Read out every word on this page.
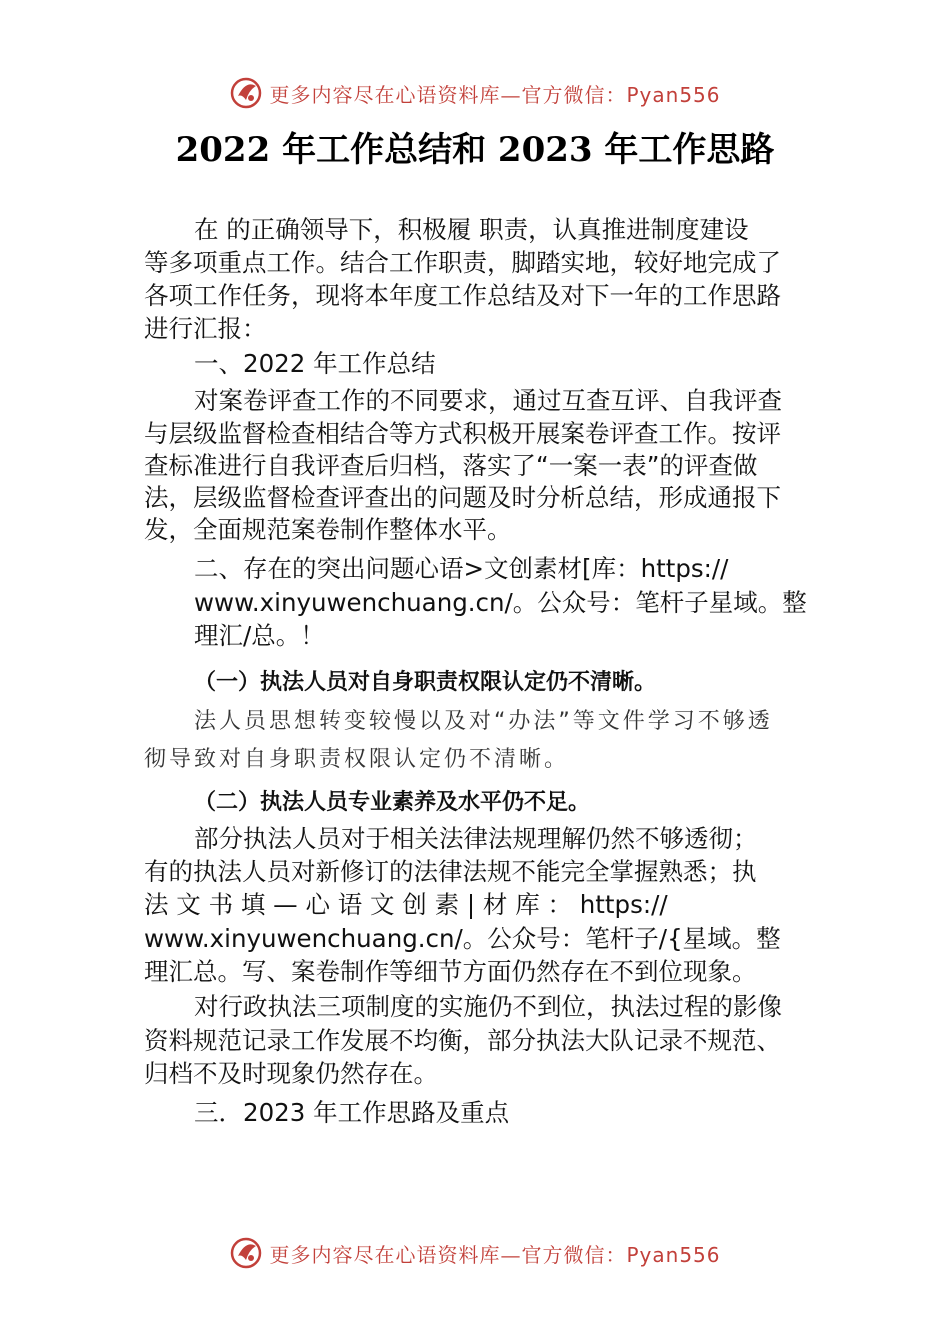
更多内容尽在心语资料库—官方微信：Pyan556
2022 年工作总结和 2023 年工作思路
在 的正确领导下，积极履 职责，认真推进制度建设
等多项重点工作。结合工作职责，脚踏实地，较好地完成了
各项工作任务，现将本年度工作总结及对下一年的工作思路
进行汇报：
一、2022 年工作总结
对案卷评查工作的不同要求，通过互查互评、自我评查
与层级监督检查相结合等方式积极开展案卷评查工作。按评
查标准进行自我评查后归档，落实了“一案一表”的评查做
法，层级监督检查评查出的问题及时分析总结，形成通报下
发，全面规范案卷制作整体水平。
二、存在的突出问题心语>文创素材[库：https://
www.xinyuwenchuang.cn/。公众号：笔杆子星域。整
理汇/总。！
（一）执法人员对自身职责权限认定仍不清晰。
法人员思想转变较慢以及对“办法”等文件学习不够透
彻导致对自身职责权限认定仍不清晰。
（二）执法人员专业素养及水平仍不足。
部分执法人员对于相关法律法规理解仍然不够透彻；
有的执法人员对新修订的法律法规不能完全掌握熟悉；执
法 文 书 填 — 心 语 文 创 素 | 材 库 ： https://
www.xinyuwenchuang.cn/。公众号：笔杆子/{星域。整
理汇总。写、案卷制作等细节方面仍然存在不到位现象。
对行政执法三项制度的实施仍不到位，执法过程的影像
资料规范记录工作发展不均衡，部分执法大队记录不规范、
归档不及时现象仍然存在。
三．2023 年工作思路及重点
更多内容尽在心语资料库—官方微信：Pyan556
